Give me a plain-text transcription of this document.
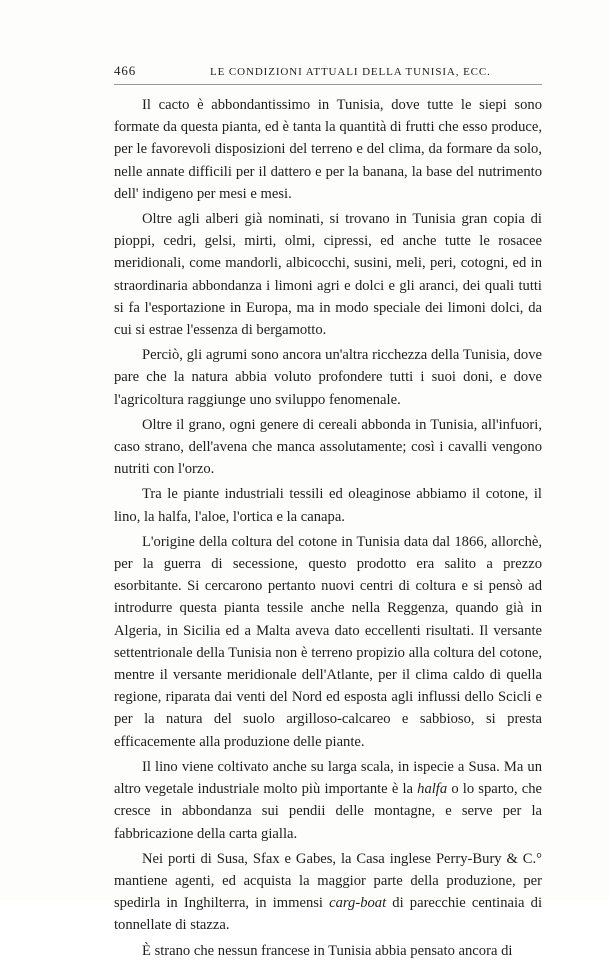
466	LE CONDIZIONI ATTUALI DELLA TUNISIA, ECC.

Il cacto è abbondantissimo in Tunisia, dove tutte le siepi sono formate da questa pianta, ed è tanta la quantità di frutti che esso produce, per le favorevoli disposizioni del terreno e del clima, da formare da solo, nelle annate difficili per il dattero e per la banana, la base del nutrimento dell' indigeno per mesi e mesi.

Oltre agli alberi già nominati, si trovano in Tunisia gran copia di pioppi, cedri, gelsi, mirti, olmi, cipressi, ed anche tutte le rosacee meridionali, come mandorli, albicocchi, susini, meli, peri, cotogni, ed in straordinaria abbondanza i limoni agri e dolci e gli aranci, dei quali tutti si fa l'esportazione in Europa, ma in modo speciale dei limoni dolci, da cui si estrae l'essenza di bergamotto.

Perciò, gli agrumi sono ancora un'altra ricchezza della Tunisia, dove pare che la natura abbia voluto profondere tutti i suoi doni, e dove l'agricoltura raggiunge uno sviluppo fenomenale.

Oltre il grano, ogni genere di cereali abbonda in Tunisia, all'infuori, caso strano, dell'avena che manca assolutamente; così i cavalli vengono nutriti con l'orzo.

Tra le piante industriali tessili ed oleaginose abbiamo il cotone, il lino, la halfa, l'aloe, l'ortica e la canapa.

L'origine della coltura del cotone in Tunisia data dal 1866, allorchè, per la guerra di secessione, questo prodotto era salito a prezzo esorbitante. Si cercarono pertanto nuovi centri di coltura e si pensò ad introdurre questa pianta tessile anche nella Reggenza, quando già in Algeria, in Sicilia ed a Malta aveva dato eccellenti risultati. Il versante settentrionale della Tunisia non è terreno propizio alla coltura del cotone, mentre il versante meridionale dell'Atlante, per il clima caldo di quella regione, riparata dai venti del Nord ed esposta agli influssi dello Scicli e per la natura del suolo argilloso-calcareo e sabbioso, si presta efficacemente alla produzione delle piante.

Il lino viene coltivato anche su larga scala, in ispecie a Susa. Ma un altro vegetale industriale molto più importante è la halfa o lo sparto, che cresce in abbondanza sui pendii delle montagne, e serve per la fabbricazione della carta gialla.

Nei porti di Susa, Sfax e Gabes, la Casa inglese Perry-Bury & C.° mantiene agenti, ed acquista la maggior parte della produzione, per spedirla in Inghilterra, in immensi carg-boat di parecchie centinaia di tonnellate di stazza.

È strano che nessun francese in Tunisia abbia pensato ancora di
